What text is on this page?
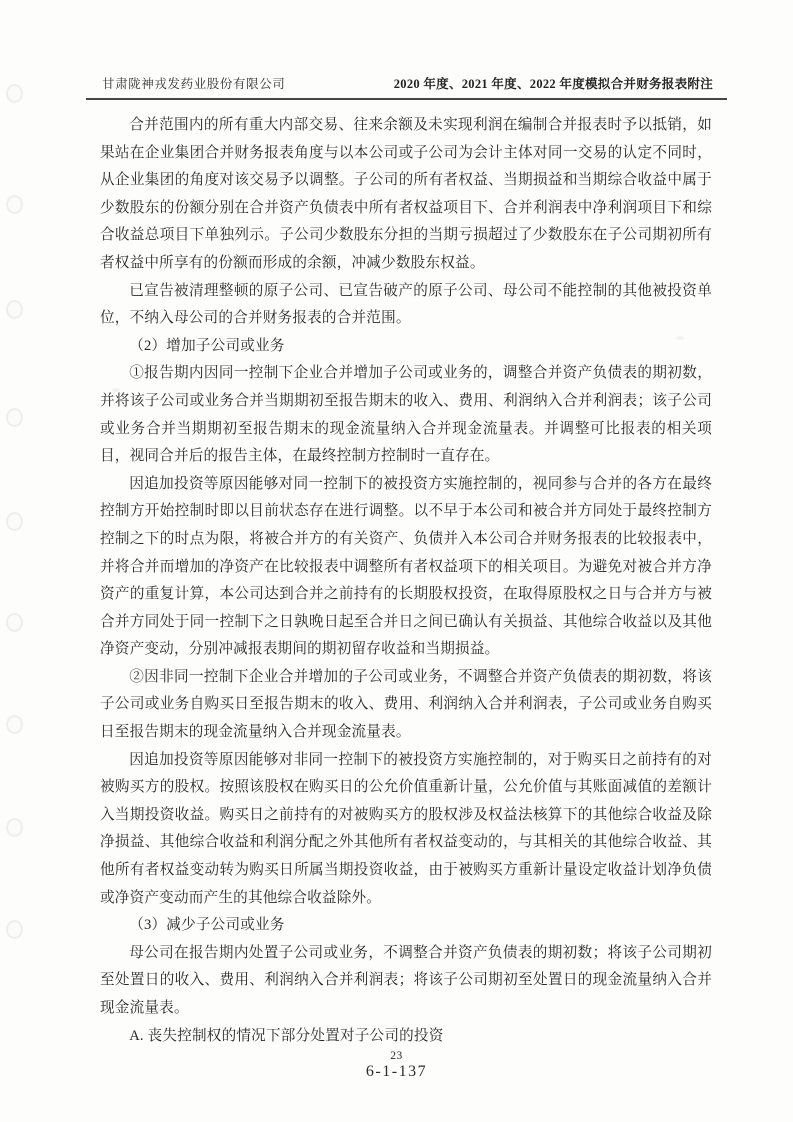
甘肃陇神戎发药业股份有限公司	2020 年度、2021 年度、2022 年度模拟合并财务报表附注

合并范围内的所有重大内部交易、往来余额及未实现利润在编制合并报表时予以抵销，如果站在企业集团合并财务报表角度与以本公司或子公司为会计主体对同一交易的认定不同时，从企业集团的角度对该交易予以调整。子公司的所有者权益、当期损益和当期综合收益中属于少数股东的份额分别在合并资产负债表中所有者权益项目下、合并利润表中净利润项目下和综合收益总项目下单独列示。子公司少数股东分担的当期亏损超过了少数股东在子公司期初所有者权益中所享有的份额而形成的余额，冲减少数股东权益。

已宣告被清理整顿的原子公司、已宣告破产的原子公司、母公司不能控制的其他被投资单位，不纳入母公司的合并财务报表的合并范围。

（2）增加子公司或业务

①报告期内因同一控制下企业合并增加子公司或业务的，调整合并资产负债表的期初数，并将该子公司或业务合并当期期初至报告期末的收入、费用、利润纳入合并利润表；该子公司或业务合并当期期初至报告期末的现金流量纳入合并现金流量表。并调整可比报表的相关项目，视同合并后的报告主体，在最终控制方控制时一直存在。

因追加投资等原因能够对同一控制下的被投资方实施控制的，视同参与合并的各方在最终控制方开始控制时即以目前状态存在进行调整。以不早于本公司和被合并方同处于最终控制方控制之下的时点为限，将被合并方的有关资产、负债并入本公司合并财务报表的比较报表中，并将合并而增加的净资产在比较报表中调整所有者权益项下的相关项目。为避免对被合并方净资产的重复计算，本公司达到合并之前持有的长期股权投资，在取得原股权之日与合并方与被合并方同处于同一控制下之日孰晚日起至合并日之间已确认有关损益、其他综合收益以及其他净资产变动，分别冲减报表期间的期初留存收益和当期损益。

②因非同一控制下企业合并增加的子公司或业务，不调整合并资产负债表的期初数，将该子公司或业务自购买日至报告期末的收入、费用、利润纳入合并利润表，子公司或业务自购买日至报告期末的现金流量纳入合并现金流量表。

因追加投资等原因能够对非同一控制下的被投资方实施控制的，对于购买日之前持有的对被购买方的股权。按照该股权在购买日的公允价值重新计量，公允价值与其账面减值的差额计入当期投资收益。购买日之前持有的对被购买方的股权涉及权益法核算下的其他综合收益及除净损益、其他综合收益和利润分配之外其他所有者权益变动的，与其相关的其他综合收益、其他所有者权益变动转为购买日所属当期投资收益，由于被购买方重新计量设定收益计划净负债或净资产变动而产生的其他综合收益除外。

（3）减少子公司或业务

母公司在报告期内处置子公司或业务，不调整合并资产负债表的期初数；将该子公司期初至处置日的收入、费用、利润纳入合并利润表；将该子公司期初至处置日的现金流量纳入合并现金流量表。

A. 丧失控制权的情况下部分处置对子公司的投资

23
6-1-137
